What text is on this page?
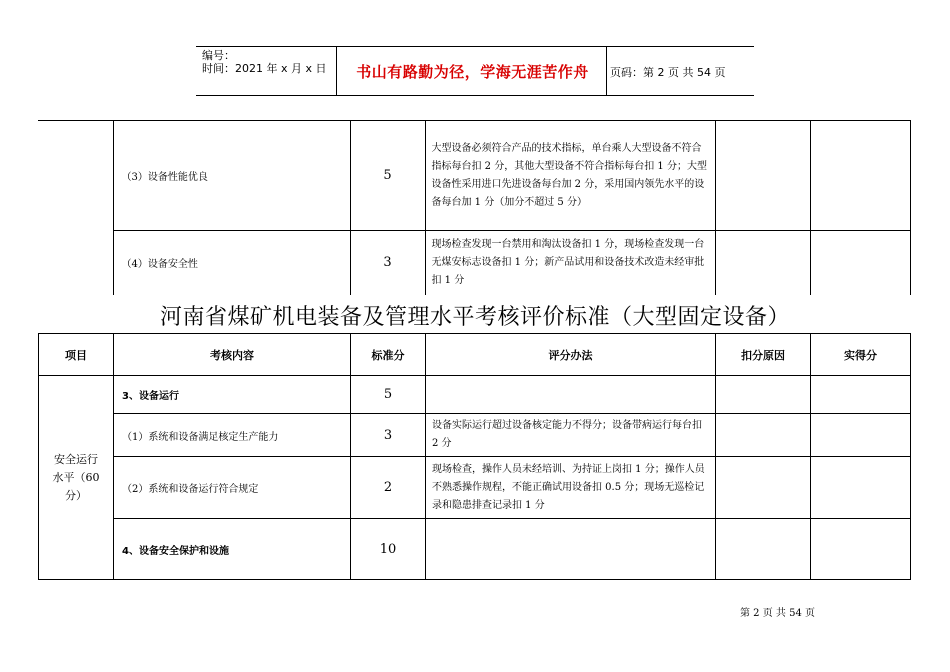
编号：
时间：2021 年 x 月 x 日	书山有路勤为径，学海无涯苦作舟	页码：第 2 页 共 54 页
	（3）设备性能优良	5	大型设备必须符合产品的技术指标，单台乘人大型设备不符合指标每台扣 2 分，其他大型设备不符合指标每台扣 1 分；大型设备性采用进口先进设备每台加 2 分，采用国内领先水平的设备每台加 1 分（加分不超过 5 分）		
	（4）设备安全性	3	现场检查发现一台禁用和淘汰设备扣 1 分，现场检查发现一台无煤安标志设备扣 1 分；新产品试用和设备技术改造未经审批扣 1 分		
河南省煤矿机电装备及管理水平考核评价标准（大型固定设备）
项目	考核内容	标准分	评分办法	扣分原因	实得分
安全运行水平（60 分）	3、设备运行	5			
	（1）系统和设备满足核定生产能力	3	设备实际运行超过设备核定能力不得分；设备带病运行每台扣 2 分		
	（2）系统和设备运行符合规定	2	现场检查，操作人员未经培训、为持证上岗扣 1 分；操作人员不熟悉操作规程，不能正确试用设备扣 0.5 分；现场无巡检记录和隐患排查记录扣 1 分		
	4、设备安全保护和设施	10			
第 2 页 共 54 页
